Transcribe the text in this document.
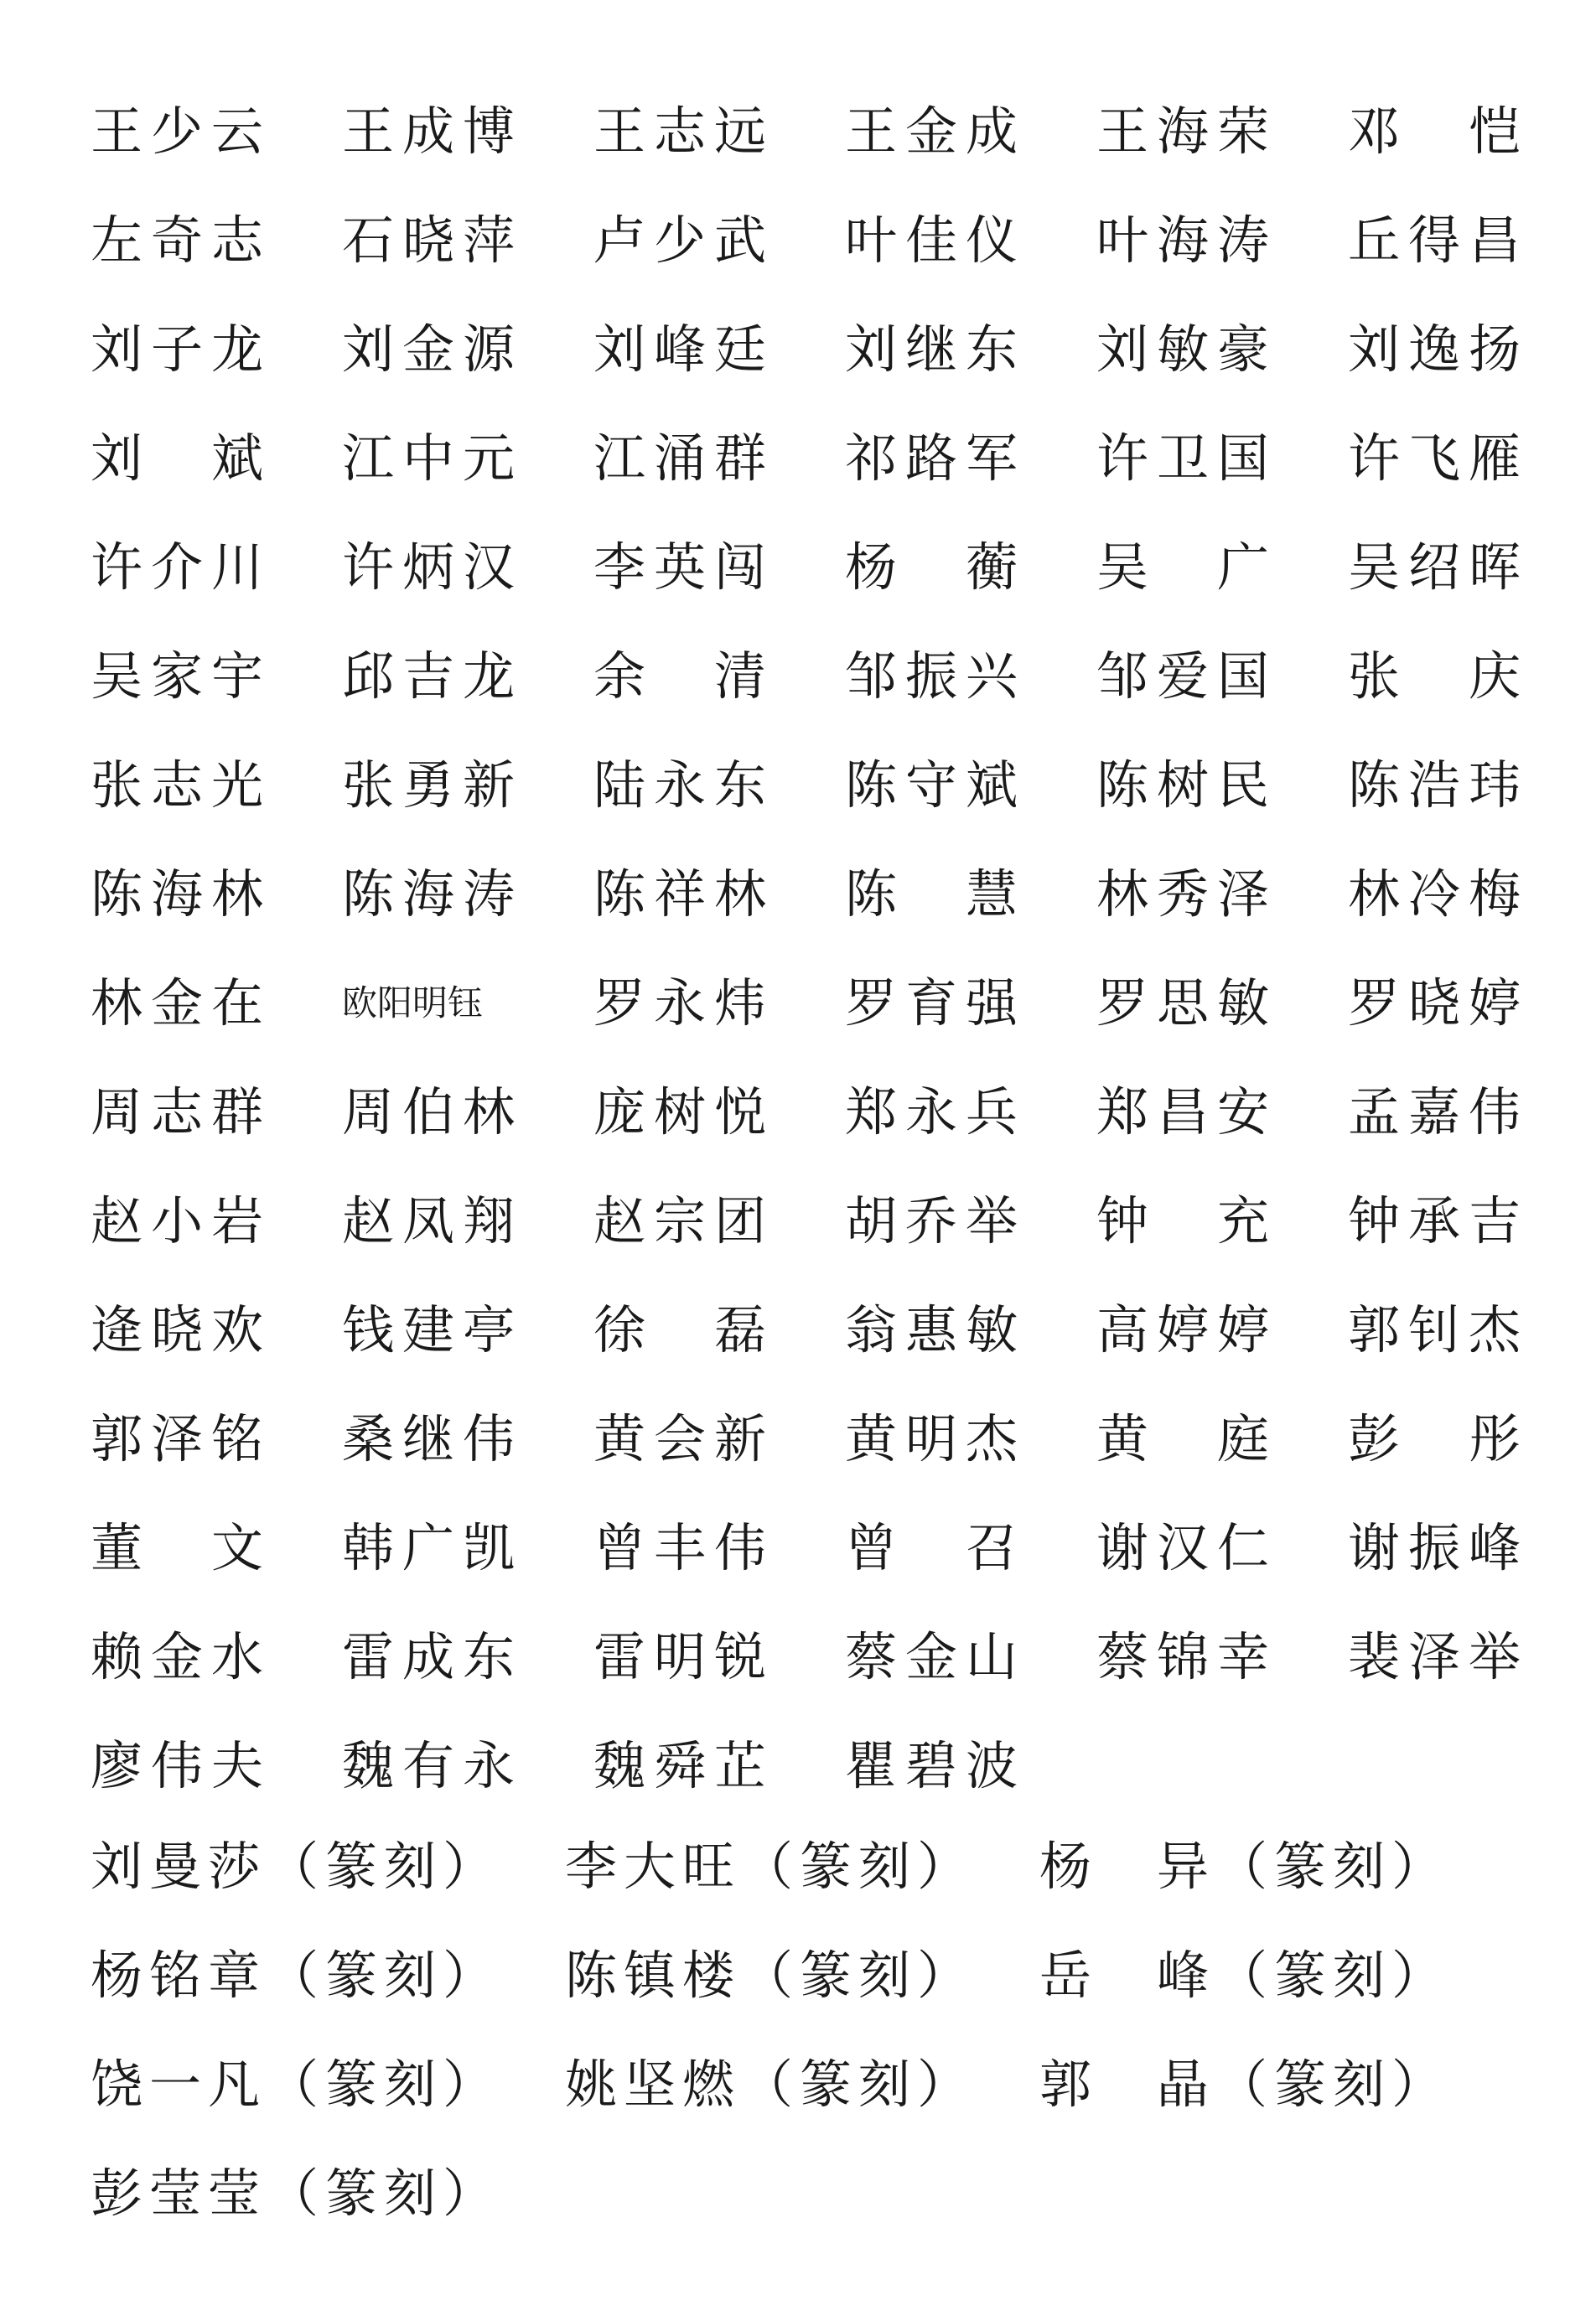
王少云	王成博	王志远	王金成	王海荣	邓　恺
左奇志	石晓萍	卢少武	叶佳仪	叶海涛	丘得昌
刘子龙	刘金源	刘峰廷	刘继东	刘敏豪	刘逸扬
刘　斌	江中元	江涌群	祁路军	许卫国	许飞雁
许介川	许炳汉	李英闯	杨　蘅	吴　广	吴绍晖
吴家宇	邱吉龙	余　清	邹振兴	邹爱国	张　庆
张志光	张勇新	陆永东	陈守斌	陈树民	陈浩玮
陈海林	陈海涛	陈祥林	陈　慧	林秀泽	林冷梅
林金在	欧阳明钰	罗永炜	罗育强	罗思敏	罗晓婷
周志群	周伯林	庞树悦	郑永兵	郑昌安	孟嘉伟
赵小岩	赵凤翔	赵宗团	胡乔举	钟　充	钟承吉
逄晓欢	钱建亭	徐　磊	翁惠敏	高婷婷	郭钊杰
郭泽铭	桑继伟	黄会新	黄明杰	黄　庭	彭　彤
董　文	韩广凯	曾丰伟	曾　召	谢汉仁	谢振峰
赖金水	雷成东	雷明锐	蔡金山	蔡锦幸	裴泽举
廖伟夫	魏有永	魏舜芷	瞿碧波
刘曼莎（篆刻）	李大旺（篆刻）	杨　异（篆刻）
杨铭章（篆刻）	陈镇楼（篆刻）	岳　峰（篆刻）
饶一凡（篆刻）	姚坚燃（篆刻）	郭　晶（篆刻）
彭莹莹（篆刻）
